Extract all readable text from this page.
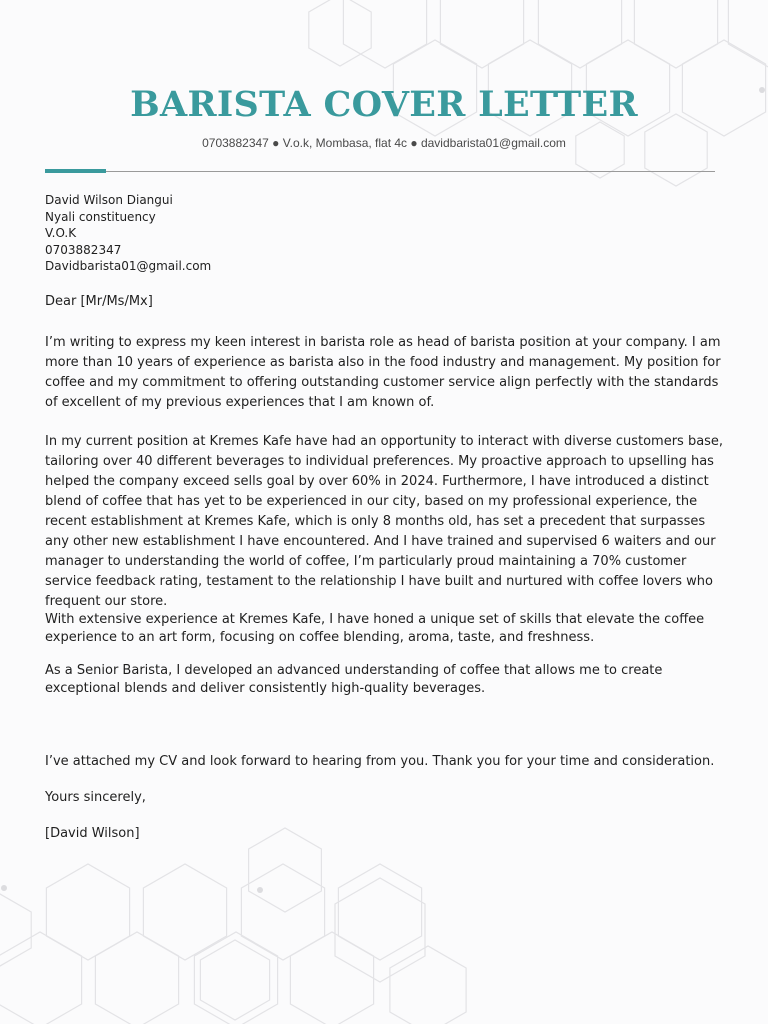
BARISTA COVER LETTER
0703882347 ● V.o.k, Mombasa, flat 4c ● davidbarista01@gmail.com
David Wilson Diangui
Nyali constituency
V.O.K
0703882347
Davidbarista01@gmail.com
Dear [Mr/Ms/Mx]

I’m writing to express my keen interest in barista role as head of barista position at your company. I am more than 10 years of experience as barista also in the food industry and management. My position for coffee and my commitment to offering outstanding customer service align perfectly with the standards of excellent of my previous experiences that I am known of.

In my current position at Kremes Kafe have had an opportunity to interact with diverse customers base, tailoring over 40 different beverages to individual preferences. My proactive approach to upselling has helped the company exceed sells goal by over 60% in 2024. Furthermore, I have introduced a distinct blend of coffee that has yet to be experienced in our city, based on my professional experience, the recent establishment at Kremes Kafe, which is only 8 months old, has set a precedent that surpasses any other new establishment I have encountered. And I have trained and supervised 6 waiters and our manager to understanding the world of coffee, I’m particularly proud maintaining a 70% customer service feedback rating, testament to the relationship I have built and nurtured with coffee lovers who frequent our store.

With extensive experience at Kremes Kafe, I have honed a unique set of skills that elevate the coffee experience to an art form, focusing on coffee blending, aroma, taste, and freshness.

As a Senior Barista, I developed an advanced understanding of coffee that allows me to create exceptional blends and deliver consistently high-quality beverages.

I’ve attached my CV and look forward to hearing from you. Thank you for your time and consideration.

Yours sincerely,
[David Wilson]
